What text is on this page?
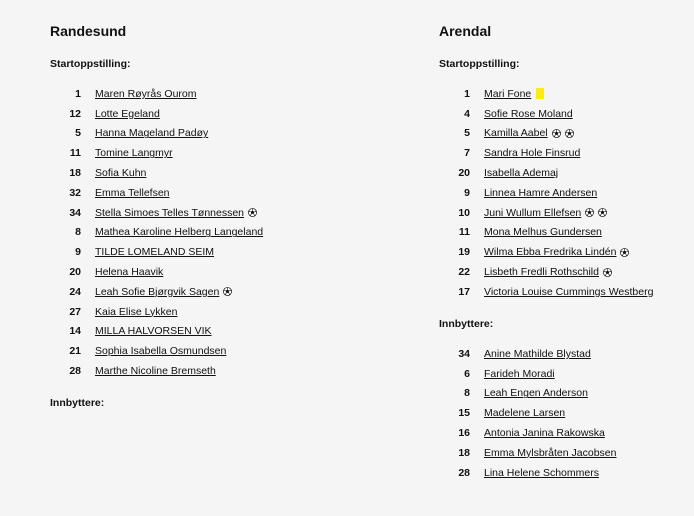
Randesund
Startoppstilling:
1 Maren Røyrås Ourom
12 Lotte Egeland
5 Hanna Mageland Padøy
11 Tomine Langmyr
18 Sofia Kuhn
32 Emma Tellefsen
34 Stella Simoes Telles Tønnessen
8 Mathea Karoline Helberg Langeland
9 TILDE LOMELAND SEIM
20 Helena Haavik
24 Leah Sofie Bjørgvik Sagen
27 Kaia Elise Lykken
14 MILLA HALVORSEN VIK
21 Sophia Isabella Osmundsen
28 Marthe Nicoline Bremseth
Innbyttere:
Arendal
Startoppstilling:
1 Mari Fone
4 Sofie Rose Moland
5 Kamilla Aabel
7 Sandra Hole Finsrud
20 Isabella Ademaj
9 Linnea Hamre Andersen
10 Juni Wullum Ellefsen
11 Mona Melhus Gundersen
19 Wilma Ebba Fredrika Lindén
22 Lisbeth Fredli Rothschild
17 Victoria Louise Cummings Westberg
Innbyttere:
34 Anine Mathilde Blystad
6 Farideh Moradi
8 Leah Engen Anderson
15 Madelene Larsen
16 Antonia Janina Rakowska
18 Emma Mylsbråten Jacobsen
28 Lina Helene Schommers
